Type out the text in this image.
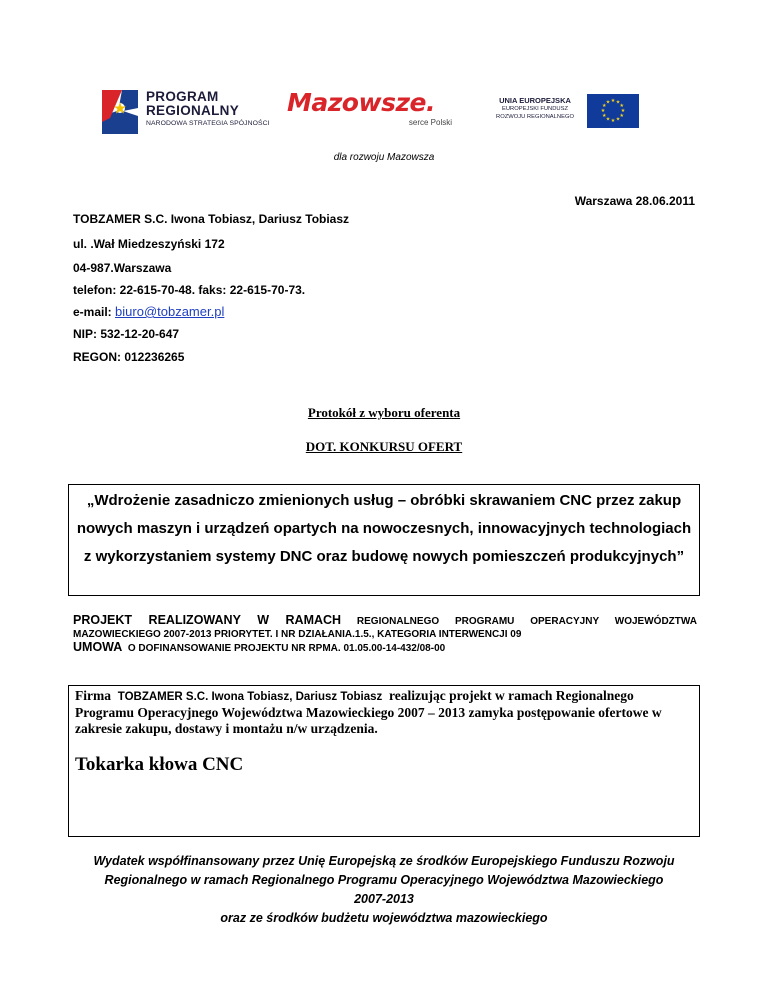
PROGRAM
REGIONALNY
NARODOWA STRATEGIA SPÓJNOŚCI
Mazowsze.
serce Polski
UNIA EUROPEJSKA
EUROPEJSKI FUNDUSZ
ROZWOJU REGIONALNEGO
★ ★
★
★
★
★
★
★
★
★
★
★
dla rozwoju Mazowsza
Warszawa 28.06.2011
TOBZAMER S.C. Iwona Tobiasz, Dariusz Tobiasz
ul. .Wał Miedzeszyński 172
04-987.Warszawa
telefon: 22-615-70-48. faks: 22-615-70-73.
e-mail: biuro@tobzamer.pl
NIP: 532-12-20-647
REGON: 012236265
Protokół z wyboru oferenta
DOT. KONKURSU OFERT
„Wdrożenie zasadniczo zmienionych usług – obróbki skrawaniem CNC przez zakup nowych maszyn i urządzeń opartych na nowoczesnych, innowacyjnych technologiach z wykorzystaniem systemy DNC oraz budowę nowych pomieszczeń produkcyjnych”
PROJEKT REALIZOWANY W RAMACH REGIONALNEGO PROGRAMU OPERACYJNY WOJEWÓDZTWA
MAZOWIECKIEGO 2007-2013 PRIORYTET. I NR DZIAŁANIA.1.5., KATEGORIA INTERWENCJI 09
UMOWA O DOFINANSOWANIE PROJEKTU NR RPMA. 01.05.00-14-432/08-00
Firma TOBZAMER S.C. Iwona Tobiasz, Dariusz Tobiasz realizując projekt w ramach Regionalnego Programu Operacyjnego Województwa Mazowieckiego 2007 – 2013 zamyka postępowanie ofertowe w zakresie zakupu, dostawy i montażu n/w urządzenia.
Tokarka kłowa CNC
Wydatek współfinansowany przez Unię Europejską ze środków Europejskiego Funduszu Rozwoju
Regionalnego w ramach Regionalnego Programu Operacyjnego Województwa Mazowieckiego
2007-2013
oraz ze środków budżetu województwa mazowieckiego
